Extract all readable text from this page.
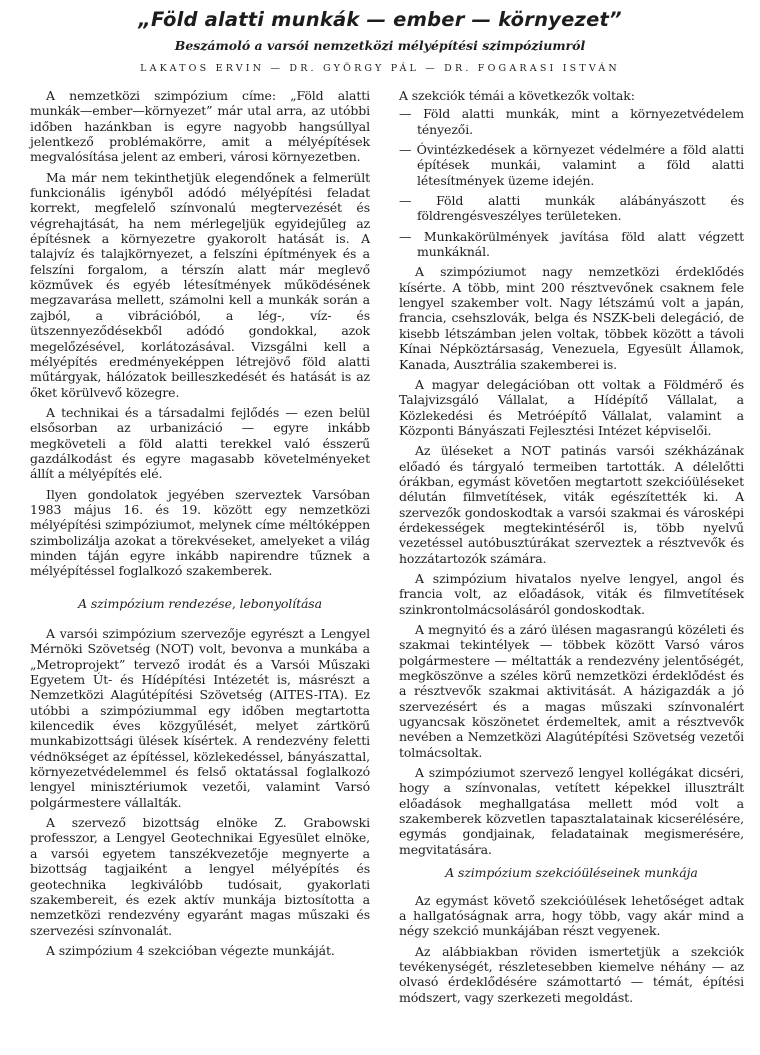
„Föld alatti munkák — ember — környezet”
Beszámoló a varsói nemzetközi mélyépítési szimpóziumról
LAKATOS ERVIN — DR. GYÖRGY PÁL — DR. FOGARASI ISTVÁN

A nemzetközi szimpózium címe: „Föld alatti munkák—ember—környezet” már utal arra, az utóbbi időben hazánkban is egyre nagyobb hangsúllyal jelentkező problémakörre, amit a mélyépítések megvalósítása jelent az emberi, városi környezetben.

Ma már nem tekinthetjük elegendőnek a felmerült funkcionális igényből adódó mélyépítési feladat korrekt, megfelelő színvonalú megtervezését és végrehajtását, ha nem mérlegeljük egyidejűleg az építésnek a környezetre gyakorolt hatását is. A talajvíz és talajkörnyezet, a felszíni építmények és a felszíni forgalom, a térszín alatt már meglevő közművek és egyéb létesítmények működésének megzavarása mellett, számolni kell a munkák során a zajból, a vibrációból, a lég-, víz- és ütszennyeződésekből adódó gondokkal, azok megelőzésével, korlátozásával. Vizsgálni kell a mélyépítés eredményeképpen létrejövő föld alatti műtárgyak, hálózatok beilleszkedését és hatását is az őket körülvevő közegre.

A technikai és a társadalmi fejlődés — ezen belül elsősorban az urbanizáció — egyre inkább megköveteli a föld alatti terekkel való ésszerű gazdálkodást és egyre magasabb követelményeket állít a mélyépítés elé.

Ilyen gondolatok jegyében szerveztek Varsóban 1983 május 16. és 19. között egy nemzetközi mélyépítési szimpóziumot, melynek címe méltóképpen szimbolizálja azokat a törekvéseket, amelyeket a világ minden táján egyre inkább napirendre tűznek a mélyépítéssel foglalkozó szakemberek.

A szimpózium rendezése, lebonyolítása

A varsói szimpózium szervezője egyrészt a Lengyel Mérnöki Szövetség (NOT) volt, bevonva a munkába a „Metroprojekt” tervező irodát és a Varsói Műszaki Egyetem Út- és Hídépítési Intézetét is, másrészt a Nemzetközi Alagútépítési Szövetség (AITES-ITA). Ez utóbbi a szimpóziummal egy időben megtartotta kilencedik éves közgyűlését, melyet zártkörű munkabizottsági ülések kísértek. A rendezvény feletti védnökséget az építéssel, közlekedéssel, bányászattal, környezetvédelemmel és felső oktatással foglalkozó lengyel minisztériumok vezetői, valamint Varsó polgármestere vállalták.

A szervező bizottság elnöke Z. Grabowski professzor, a Lengyel Geotechnikai Egyesület elnöke, a varsói egyetem tanszékvezetője megnyerte a bizottság tagjaiként a lengyel mélyépítés és geotechnika legkiválóbb tudósait, gyakorlati szakembereit, és ezek aktív munkája biztosította a nemzetközi rendezvény egyaránt magas műszaki és szervezési színvonalát.

A szimpózium 4 szekcióban végezte munkáját.

A szekciók témái a következők voltak:

— Föld alatti munkák, mint a környezetvédelem tényezői.

— Óvintézkedések a környezet védelmére a föld alatti építések munkái, valamint a föld alatti létesítmények üzeme idején.

— Föld alatti munkák alábányászott és földrengésveszélyes területeken.

— Munkakörülmények javítása föld alatt végzett munkáknál.

A szimpóziumot nagy nemzetközi érdeklődés kísérte. A több, mint 200 résztvevőnek csaknem fele lengyel szakember volt. Nagy létszámú volt a japán, francia, csehszlovák, belga és NSZK-beli delegáció, de kisebb létszámban jelen voltak, többek között a távoli Kínai Népköztársaság, Venezuela, Egyesült Államok, Kanada, Ausztrália szakemberei is.

A magyar delegációban ott voltak a Földmérő és Talajvizsgáló Vállalat, a Hídépítő Vállalat, a Közlekedési és Metróépítő Vállalat, valamint a Központi Bányászati Fejlesztési Intézet képviselői.

Az üléseket a NOT patinás varsói székházának előadó és tárgyaló termeiben tartották. A délelőtti órákban, egymást követően megtartott szekcióüléseket délután filmvetítések, viták egészítették ki. A szervezők gondoskodtak a varsói szakmai és városképi érdekességek megtekintéséről is, több nyelvű vezetéssel autóbusztúrákat szerveztek a résztvevők és hozzátartozók számára.

A szimpózium hivatalos nyelve lengyel, angol és francia volt, az előadások, viták és filmvetítések szinkrontolmácsolásáról gondoskodtak.

A megnyitó és a záró ülésen magasrangú közéleti és szakmai tekintélyek — többek között Varsó város polgármestere — méltatták a rendezvény jelentőségét, megköszönve a széles körű nemzetközi érdeklődést és a résztvevők szakmai aktivitását. A házigazdák a jó szervezésért és a magas műszaki színvonalért ugyancsak köszönetet érdemeltek, amit a résztvevők nevében a Nemzetközi Alagútépítési Szövetség vezetői tolmácsoltak.

A szimpóziumot szervező lengyel kollégákat dicséri, hogy a színvonalas, vetített képekkel illusztrált előadások meghallgatása mellett mód volt a szakemberek közvetlen tapasztalatainak kicserélésére, egymás gondjainak, feladatainak megismerésére, megvitatására.

A szimpózium szekcióüléseinek munkája

Az egymást követő szekcióülések lehetőséget adtak a hallgatóságnak arra, hogy több, vagy akár mind a négy szekció munkájában részt vegyenek.

Az alábbiakban röviden ismertetjük a szekciók tevékenységét, részletesebben kiemelve néhány — az olvasó érdeklődésére számottartó — témát, építési módszert, vagy szerkezeti megoldást.
